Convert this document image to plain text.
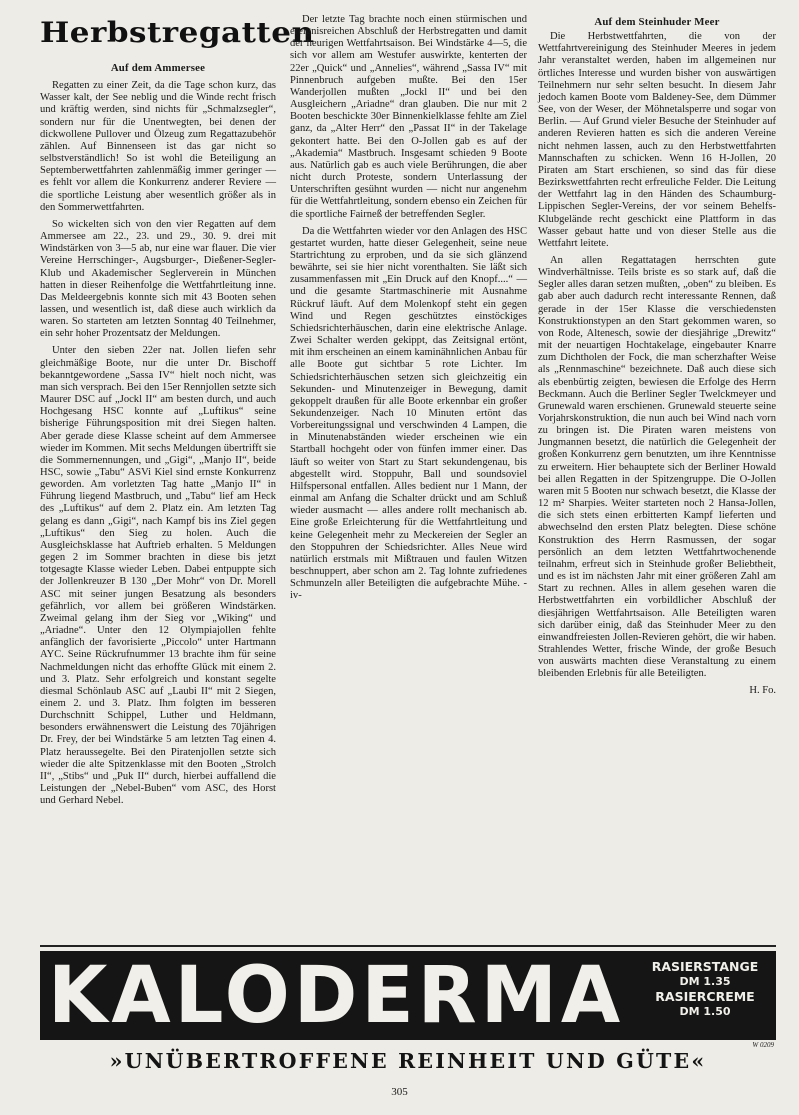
Herbstregatten
Auf dem Ammersee

Regatten zu einer Zeit, da die Tage schon kurz, das Wasser kalt, der See neblig und die Winde recht frisch und kräftig werden, sind nichts für „Schmalzsegler“, sondern nur für die Unentwegten, bei denen der dickwollene Pullover und Ölzeug zum Regattazubehör zählen. Auf Binnenseen ist das gar nicht so selbstverständlich! So ist wohl die Beteiligung an Septemberwettfahrten zahlenmäßig immer geringer — es fehlt vor allem die Konkurrenz anderer Reviere — die sportliche Leistung aber wesentlich größer als in den Sommerwettfahrten.

So wickelten sich von den vier Regatten auf dem Ammersee am 22., 23. und 29., 30. 9. drei mit Windstärken von 3—5 ab, nur eine war flauer. Die vier Vereine Herrschinger-, Augsburger-, Dießener-Segler-Klub und Akademischer Seglerverein in München hatten in dieser Reihenfolge die Wettfahrtleitung inne. Das Meldeergebnis konnte sich mit 43 Booten sehen lassen, und wesentlich ist, daß diese auch wirklich da waren. So starteten am letzten Sonntag 40 Teilnehmer, ein sehr hoher Prozentsatz der Meldungen.

Unter den sieben 22er nat. Jollen liefen sehr gleichmäßige Boote, nur die unter Dr. Bischoff bekanntgewordene „Sassa IV“ hielt noch nicht, was man sich versprach. Bei den 15er Rennjollen setzte sich Maurer DSC auf „Jockl II“ am besten durch, und auch Hochgesang HSC konnte auf „Luftikus“ seine bisherige Führungsposition mit drei Siegen halten. Aber gerade diese Klasse scheint auf dem Ammersee wieder im Kommen. Mit sechs Meldungen übertrifft sie die Sommernennungen, und „Gigi“, „Manjo II“, beide HSC, sowie „Tabu“ ASVi Kiel sind ernste Konkurrenz geworden. Am vorletzten Tag hatte „Manjo II“ in Führung liegend Mastbruch, und „Tabu“ lief am Heck des „Luftikus“ auf dem 2. Platz ein. Am letzten Tag gelang es dann „Gigi“, nach Kampf bis ins Ziel gegen „Luftikus“ den Sieg zu holen. Auch die Ausgleichsklasse hat Auftrieb erhalten. 5 Meldungen gegen 2 im Sommer brachten in diese bis jetzt totgesagte Klasse wieder Leben. Dabei entpuppte sich der Jollenkreuzer B 130 „Der Mohr“ von Dr. Morell ASC mit seiner jungen Besatzung als besonders gefährlich, vor allem bei größeren Windstärken. Zweimal gelang ihm der Sieg vor „Wiking“ und „Ariadne“. Unter den 12 Olympiajollen fehlte anfänglich der favorisierte „Piccolo“ unter Hartmann AYC. Seine Rückrufnummer 13 brachte ihm für seine Nachmeldungen nicht das erhoffte Glück mit einem 2. und 3. Platz. Sehr erfolgreich und konstant segelte diesmal Schönlaub ASC auf „Laubi II“ mit 2 Siegen, einem 2. und 3. Platz. Ihm folgten im besseren Durchschnitt Schippel, Luther und Heldmann, besonders erwähnenswert die Leistung des 70jährigen Dr. Frey, der bei Windstärke 5 am letzten Tag einen 4. Platz heraussegelte. Bei den Piratenjollen setzte sich wieder die alte Spitzenklasse mit den Booten „Strolch II“, „Stibs“ und „Puk II“ durch, hierbei auffallend die Leistungen der „Nebel-Buben“ vom ASC, des Horst und Gerhard Nebel.

Der letzte Tag brachte noch einen stürmischen und ereignisreichen Abschluß der Herbstregatten und damit der heurigen Wettfahrtsaison. Bei Windstärke 4—5, die sich vor allem am Westufer auswirkte, kenterten der 22er „Quick“ und „Annelies“, während „Sassa IV“ mit Pinnenbruch aufgeben mußte. Bei den 15er Wanderjollen mußten „Jockl II“ und bei den Ausgleichern „Ariadne“ dran glauben. Die nur mit 2 Booten beschickte 30er Binnenkielklasse fehlte am Ziel ganz, da „Alter Herr“ den „Passat II“ in der Takelage gekontert hatte. Bei den O-Jollen gab es auf der „Akademia“ Mastbruch. Insgesamt schieden 9 Boote aus. Natürlich gab es auch viele Berührungen, die aber nicht durch Proteste, sondern Unterlassung der Unterschriften gesühnt wurden — nicht nur angenehm für die Wettfahrtleitung, sondern ebenso ein Zeichen für die sportliche Fairneß der betreffenden Segler.

Da die Wettfahrten wieder vor den Anlagen des HSC gestartet wurden, hatte dieser Gelegenheit, seine neue Startrichtung zu erproben, und da sie sich glänzend bewährte, sei sie hier nicht vorenthalten. Sie läßt sich zusammenfassen mit „Ein Druck auf den Knopf....“ — und die gesamte Startmaschinerie mit Ausnahme Rückruf läuft. Auf dem Molenkopf steht ein gegen Wind und Regen geschütztes einstöckiges Schiedsrichterhäuschen, darin eine elektrische Anlage. Zwei Schalter werden gekippt, das Zeitsignal ertönt, mit ihm erscheinen an einem kaminähnlichen Anbau für alle Boote gut sichtbar 5 rote Lichter. Im Schiedsrichterhäuschen setzen sich gleichzeitig ein Sekunden- und Minutenzeiger in Bewegung, damit gekoppelt draußen für alle Boote erkennbar ein großer Sekundenzeiger. Nach 10 Minuten ertönt das Vorbereitungssignal und verschwinden 4 Lampen, die in Minutenabständen wieder erscheinen wie ein Startball hochgeht oder von fünfen immer einer. Das läuft so weiter von Start zu Start sekundengenau, bis abgestellt wird. Stoppuhr, Ball und soundsoviel Hilfspersonal entfallen. Alles bedient nur 1 Mann, der einmal am Anfang die Schalter drückt und am Schluß wieder ausmacht — alles andere rollt mechanisch ab. Eine große Erleichterung für die Wettfahrtleitung und keine Gelegenheit mehr zu Meckereien der Segler an den Stoppuhren der Schiedsrichter. Alles Neue wird natürlich erstmals mit Mißtrauen und faulen Witzen beschnuppert, aber schon am 2. Tag lohnte zufriedenes Schmunzeln aller Beteiligten die aufgebrachte Mühe. -iv-

Auf dem Steinhuder Meer

Die Herbstwettfahrten, die von der Wettfahrtvereinigung des Steinhuder Meeres in jedem Jahr veranstaltet werden, haben im allgemeinen nur örtliches Interesse und wurden bisher von auswärtigen Teilnehmern nur sehr selten besucht. In diesem Jahr jedoch kamen Boote vom Baldeney-See, dem Dümmer See, von der Weser, der Möhnetalsperre und sogar von Berlin. — Auf Grund vieler Besuche der Steinhuder auf anderen Revieren hatten es sich die anderen Vereine nicht nehmen lassen, auch zu den Herbstwettfahrten Mannschaften zu schicken. Wenn 16 H-Jollen, 20 Piraten am Start erschienen, so sind das für diese Bezirkswettfahrten recht erfreuliche Felder. Die Leitung der Wettfahrt lag in den Händen des Schaumburg-Lippischen Segler-Vereins, der vor seinem Behelfs-Klubgelände recht geschickt eine Plattform in das Wasser gebaut hatte und von dieser Stelle aus die Wettfahrt leitete.

An allen Regattatagen herrschten gute Windverhältnisse. Teils briste es so stark auf, daß die Segler alles daran setzen mußten, „oben“ zu bleiben. Es gab aber auch dadurch recht interessante Rennen, daß gerade in der 15er Klasse die verschiedensten Konstruktionstypen an den Start gekommen waren, so von Rode, Altenesch, sowie der diesjährige „Drewitz“ mit der neuartigen Hochtakelage, eingebauter Knarre zum Dichtholen der Fock, die man scherzhafter Weise als „Rennmaschine“ bezeichnete. Daß auch diese sich als ebenbürtig zeigten, bewiesen die Erfolge des Herrn Beckmann. Auch die Berliner Segler Twelckmeyer und Grunewald waren erschienen. Grunewald steuerte seine Vorjahrskonstruktion, die nun auch bei Wind nach vorn zu bringen ist. Die Piraten waren meistens von Jungmannen besetzt, die natürlich die Gelegenheit der großen Konkurrenz gern benutzten, um ihre Kenntnisse zu erweitern. Hier behauptete sich der Berliner Howald bei allen Regatten in der Spitzengruppe. Die O-Jollen waren mit 5 Booten nur schwach besetzt, die Klasse der 12 m² Sharpies. Weiter starteten noch 2 Hansa-Jollen, die sich stets einen erbitterten Kampf lieferten und abwechselnd den ersten Platz belegten. Diese schöne Konstruktion des Herrn Rasmussen, der sogar persönlich an dem letzten Wettfahrtwochenende teilnahm, erfreut sich in Steinhude großer Beliebtheit, und es ist im nächsten Jahr mit einer größeren Zahl am Start zu rechnen. Alles in allem gesehen waren die Herbstwettfahrten ein vorbildlicher Abschluß der diesjährigen Wettfahrtsaison. Alle Beteiligten waren sich darüber einig, daß das Steinhuder Meer zu den einwandfreiesten Jollen-Revieren gehört, die wir haben. Strahlendes Wetter, frische Winde, der große Besuch von auswärts machten diese Veranstaltung zu einem bleibenden Erlebnis für alle Beteiligten.

H. Fo.

KALODERMA	RASIERSTANGE
DM 1.35
RASIERCREME
DM 1.50
W 0209
»UNÜBERTROFFENE REINHEIT UND GÜTE«
305
